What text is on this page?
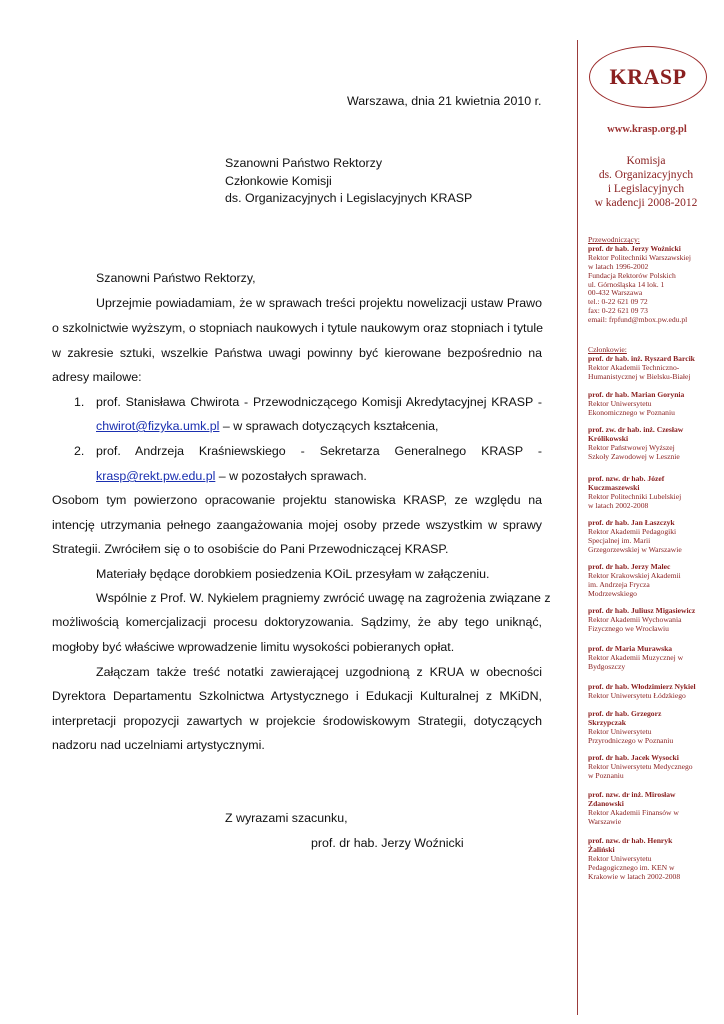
Warszawa, dnia 21 kwietnia 2010 r.
Szanowni Państwo Rektorzy
Członkowie Komisji
ds. Organizacyjnych i Legislacyjnych KRASP
Szanowni Państwo Rektorzy,
Uprzejmie powiadamiam, że w sprawach treści projektu nowelizacji ustaw Prawo
o szkolnictwie wyższym, o stopniach naukowych i tytule naukowym oraz stopniach i tytule
w zakresie sztuki, wszelkie Państwa uwagi powinny być kierowane bezpośrednio na
adresy mailowe:
1. prof. Stanisława Chwirota - Przewodniczącego Komisji Akredytacyjnej KRASP -
chwirot@fizyka.umk.pl – w sprawach dotyczących kształcenia,
2. prof. Andrzeja Kraśniewskiego - Sekretarza Generalnego KRASP -
krasp@rekt.pw.edu.pl – w pozostałych sprawach.
Osobom tym powierzono opracowanie projektu stanowiska KRASP, ze względu na
intencję utrzymania pełnego zaangażowania mojej osoby przede wszystkim w sprawy
Strategii. Zwróciłem się o to osobiście do Pani Przewodniczącej KRASP.
Materiały będące dorobkiem posiedzenia KOiL przesyłam w załączeniu.
Wspólnie z Prof. W. Nykielem pragniemy zwrócić uwagę na zagrożenia związane z
możliwością komercjalizacji procesu doktoryzowania. Sądzimy, że aby tego uniknąć,
mogłoby być właściwe wprowadzenie limitu wysokości pobieranych opłat.
Załączam także treść notatki zawierającej uzgodnioną z KRUA w obecności
Dyrektora Departamentu Szkolnictwa Artystycznego i Edukacji Kulturalnej z MKiDN,
interpretacji propozycji zawartych w projekcie środowiskowym Strategii, dotyczących
nadzoru nad uczelniami artystycznymi.
Z wyrazami szacunku,
prof. dr hab. Jerzy Woźnicki
KRASP
www.krasp.org.pl
Komisja
ds. Organizacyjnych
i Legislacyjnych
w kadencji 2008-2012
Przewodniczący:
prof. dr hab. Jerzy Woźnicki
Rektor Politechniki Warszawskiej
w latach 1996-2002
Fundacja Rektorów Polskich
ul. Górnośląska 14 lok. 1
00-432 Warszawa
tel.: 0-22 621 09 72
fax: 0-22 621 09 73
email: frpfund@mbox.pw.edu.pl
Członkowie:
prof. dr hab. inż. Ryszard Barcik
Rektor Akademii Techniczno-
Humanistycznej w Bielsku-Białej
prof. dr hab. Marian Gorynia
Rektor Uniwersytetu
Ekonomicznego w Poznaniu
prof. zw. dr hab. inż. Czesław
Królikowski
Rektor Państwowej Wyższej
Szkoły Zawodowej w Lesznie
prof. nzw. dr hab. Józef
Kuczmaszewski
Rektor Politechniki Lubelskiej
w latach 2002-2008
prof. dr hab. Jan Łaszczyk
Rektor Akademii Pedagogiki
Specjalnej im. Marii
Grzegorzewskiej w Warszawie
prof. dr hab. Jerzy Malec
Rektor Krakowskiej Akademii
im. Andrzeja Frycza
Modrzewskiego
prof. dr hab. Juliusz Migasiewicz
Rektor Akademii Wychowania
Fizycznego we Wrocławiu
prof. dr Maria Murawska
Rektor Akademii Muzycznej w
Bydgoszczy
prof. dr hab. Włodzimierz Nykiel
Rektor Uniwersytetu Łódzkiego
prof. dr hab. Grzegorz
Skrzypczak
Rektor Uniwersytetu
Przyrodniczego w Poznaniu
prof. dr hab. Jacek Wysocki
Rektor Uniwersytetu Medycznego
w Poznaniu
prof. nzw. dr inż. Mirosław
Zdanowski
Rektor Akademii Finansów w
Warszawie
prof. nzw. dr hab. Henryk
Żaliński
Rektor Uniwersytetu
Pedagogicznego im. KEN w
Krakowie w latach 2002-2008
